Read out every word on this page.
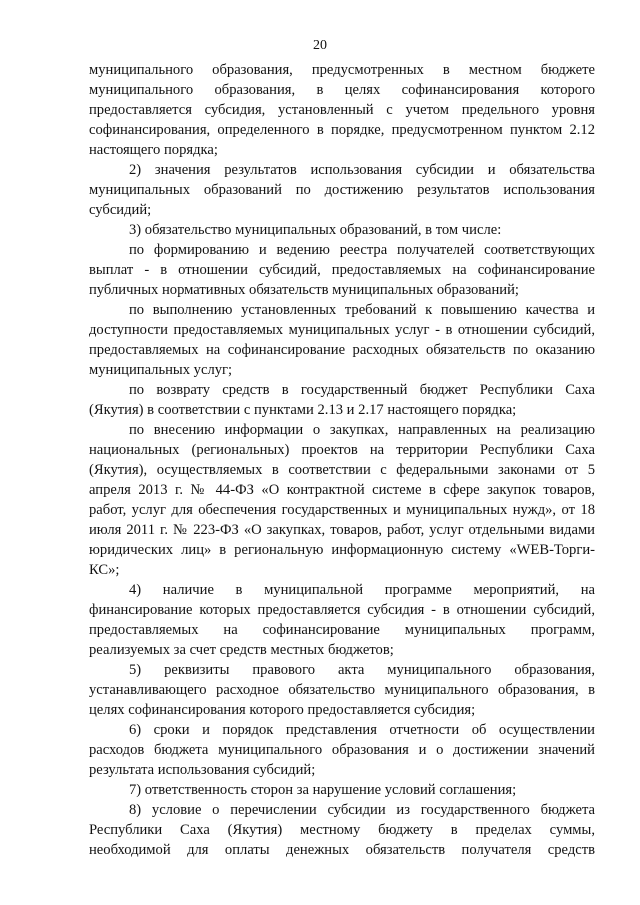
20
муниципального образования, предусмотренных в местном бюджете
муниципального образования, в целях софинансирования которого
предоставляется субсидия, установленный с учетом предельного уровня
софинансирования, определенного в порядке, предусмотренном пунктом 2.12
настоящего порядка;
2) значения результатов использования субсидии и обязательства
муниципальных образований по достижению результатов использования
субсидий;
3) обязательство муниципальных образований, в том числе:
по формированию и ведению реестра получателей соответствующих
выплат - в отношении субсидий, предоставляемых на софинансирование
публичных нормативных обязательств муниципальных образований;
по выполнению установленных требований к повышению качества и
доступности предоставляемых муниципальных услуг - в отношении субсидий,
предоставляемых на софинансирование расходных обязательств по оказанию
муниципальных услуг;
по возврату средств в государственный бюджет Республики Саха
(Якутия) в соответствии с пунктами 2.13 и 2.17 настоящего порядка;
по внесению информации о закупках, направленных на реализацию
национальных (региональных) проектов на территории Республики Саха
(Якутия), осуществляемых в соответствии с федеральными законами от 5
апреля 2013 г. № 44-ФЗ «О контрактной системе в сфере закупок товаров,
работ, услуг для обеспечения государственных и муниципальных нужд», от 18
июля 2011 г. № 223-ФЗ «О закупках, товаров, работ, услуг отдельными видами
юридических лиц» в региональную информационную систему «WEB-Торги-
КС»;
4) наличие в муниципальной программе мероприятий, на
финансирование которых предоставляется субсидия - в отношении субсидий,
предоставляемых на софинансирование муниципальных программ,
реализуемых за счет средств местных бюджетов;
5) реквизиты правового акта муниципального образования,
устанавливающего расходное обязательство муниципального образования, в
целях софинансирования которого предоставляется субсидия;
6) сроки и порядок представления отчетности об осуществлении
расходов бюджета муниципального образования и о достижении значений
результата использования субсидий;
7) ответственность сторон за нарушение условий соглашения;
8) условие о перечислении субсидии из государственного бюджета
Республики Саха (Якутия) местному бюджету в пределах суммы,
необходимой для оплаты денежных обязательств получателя средств
